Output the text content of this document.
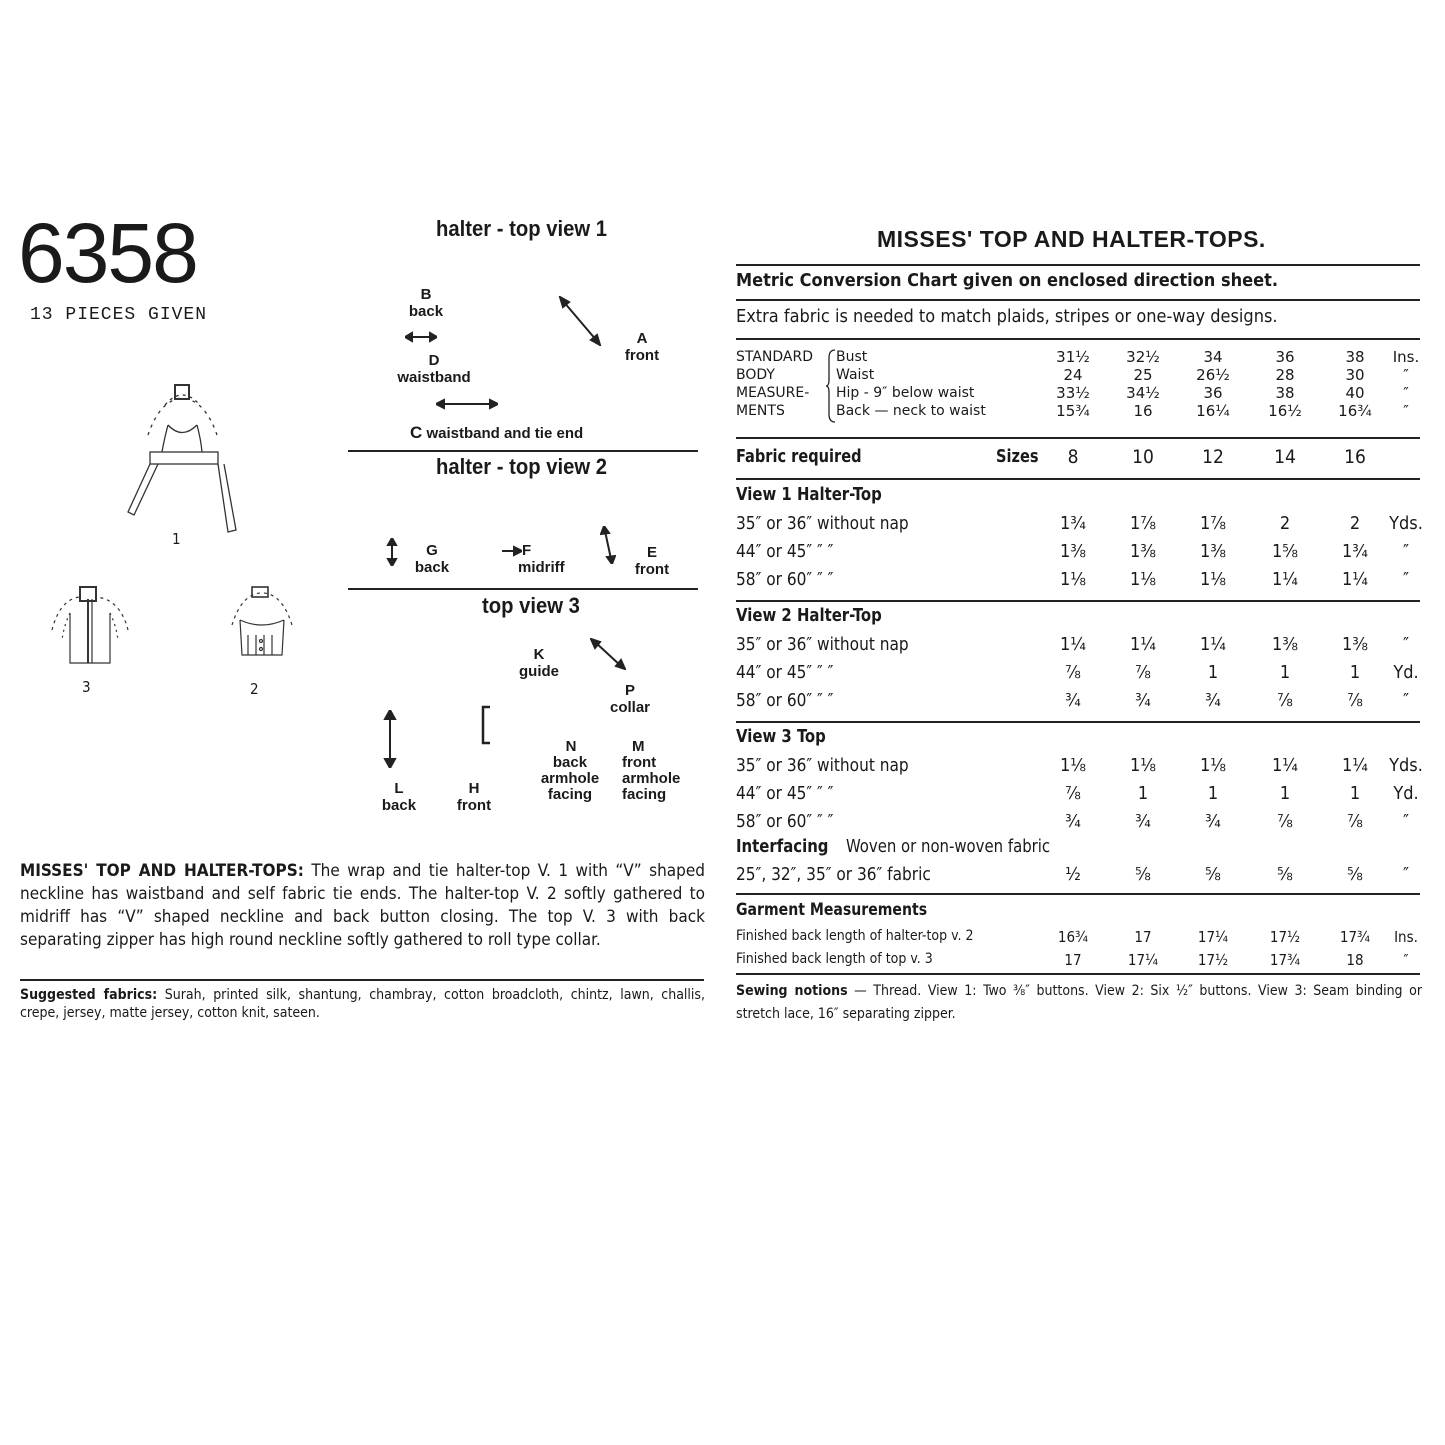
6358
13 PIECES GIVEN
1
3	2
halter - top view 1
B
back
D
waistband
A
front
C waistband and tie end
halter - top view 2
G
back
F
midriff
E
front
top view 3
K
guide
P
collar
N
back armhole facing
M
front armhole facing
L
back
H
front
MISSES' TOP AND HALTER-TOPS: The wrap and tie halter-top V. 1 with “V” shaped neckline has waistband and self fabric tie ends. The halter-top V. 2 softly gathered to midriff has “V” shaped neckline and back button closing. The top V. 3 with back separating zipper has high round neckline softly gathered to roll type collar.
Suggested fabrics: Surah, printed silk, shantung, chambray, cotton broadcloth, chintz, lawn, challis, crepe, jersey, matte jersey, cotton knit, sateen.
MISSES' TOP AND HALTER-TOPS.
Metric Conversion Chart given on enclosed direction sheet.
Extra fabric is needed to match plaids, stripes or one-way designs.
STANDARD
BODY
MEASURE-
MENTS
Bust	31½	32½	34	36	38	Ins.
Waist	24	25	26½	28	30	″
Hip - 9″ below waist	33½	34½	36	38	40	″
Back — neck to waist	15¾	16	16¼	16½	16¾	″
Fabric required	Sizes	8	10	12	14	16
View 1 Halter-Top
35″ or 36″ without nap	1¾	1⅞	1⅞	2	2	Yds.
44″ or 45″ ″ ″	1⅜	1⅜	1⅜	1⅝	1¾	″
58″ or 60″ ″ ″	1⅛	1⅛	1⅛	1¼	1¼	″
View 2 Halter-Top
35″ or 36″ without nap	1¼	1¼	1¼	1⅜	1⅜	″
44″ or 45″ ″ ″	⅞	⅞	1	1	1	Yd.
58″ or 60″ ″ ″	¾	¾	¾	⅞	⅞	″
View 3 Top
35″ or 36″ without nap	1⅛	1⅛	1⅛	1¼	1¼	Yds.
44″ or 45″ ″ ″	⅞	1	1	1	1	Yd.
58″ or 60″ ″ ″	¾	¾	¾	⅞	⅞	″
Interfacing Woven or non-woven fabric
25″, 32″, 35″ or 36″ fabric	½	⅝	⅝	⅝	⅝	″
Garment Measurements
Finished back length of halter-top v. 2	16¾	17	17¼	17½	17¾	Ins.
Finished back length of top v. 3	17	17¼	17½	17¾	18	″
Sewing notions — Thread. View 1: Two ⅜″ buttons. View 2: Six ½″ buttons. View 3: Seam binding or stretch lace, 16″ separating zipper.
